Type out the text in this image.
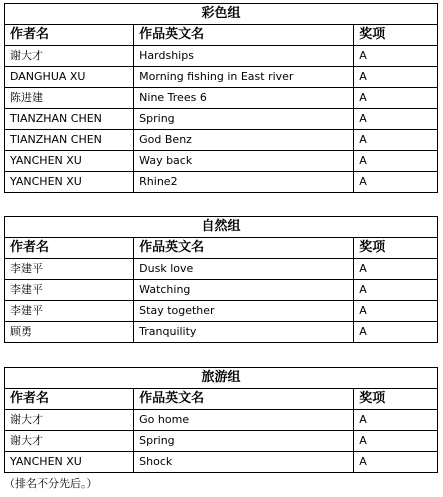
彩色组		
作者名	作品英文名	奖项
谢大才	Hardships	A
DANGHUA XU	Morning fishing in East river	A
陈进建	Nine Trees 6	A
TIANZHAN CHEN	Spring	A
TIANZHAN CHEN	God Benz	A
YANCHEN XU	Way back	A
YANCHEN XU	Rhine2	A
自然组		
作者名	作品英文名	奖项
李建平	Dusk love	A
李建平	Watching	A
李建平	Stay together	A
顾勇	Tranquility	A
旅游组		
作者名	作品英文名	奖项
谢大才	Go home	A
谢大才	Spring	A
YANCHEN XU	Shock	A
（排名不分先后。）
